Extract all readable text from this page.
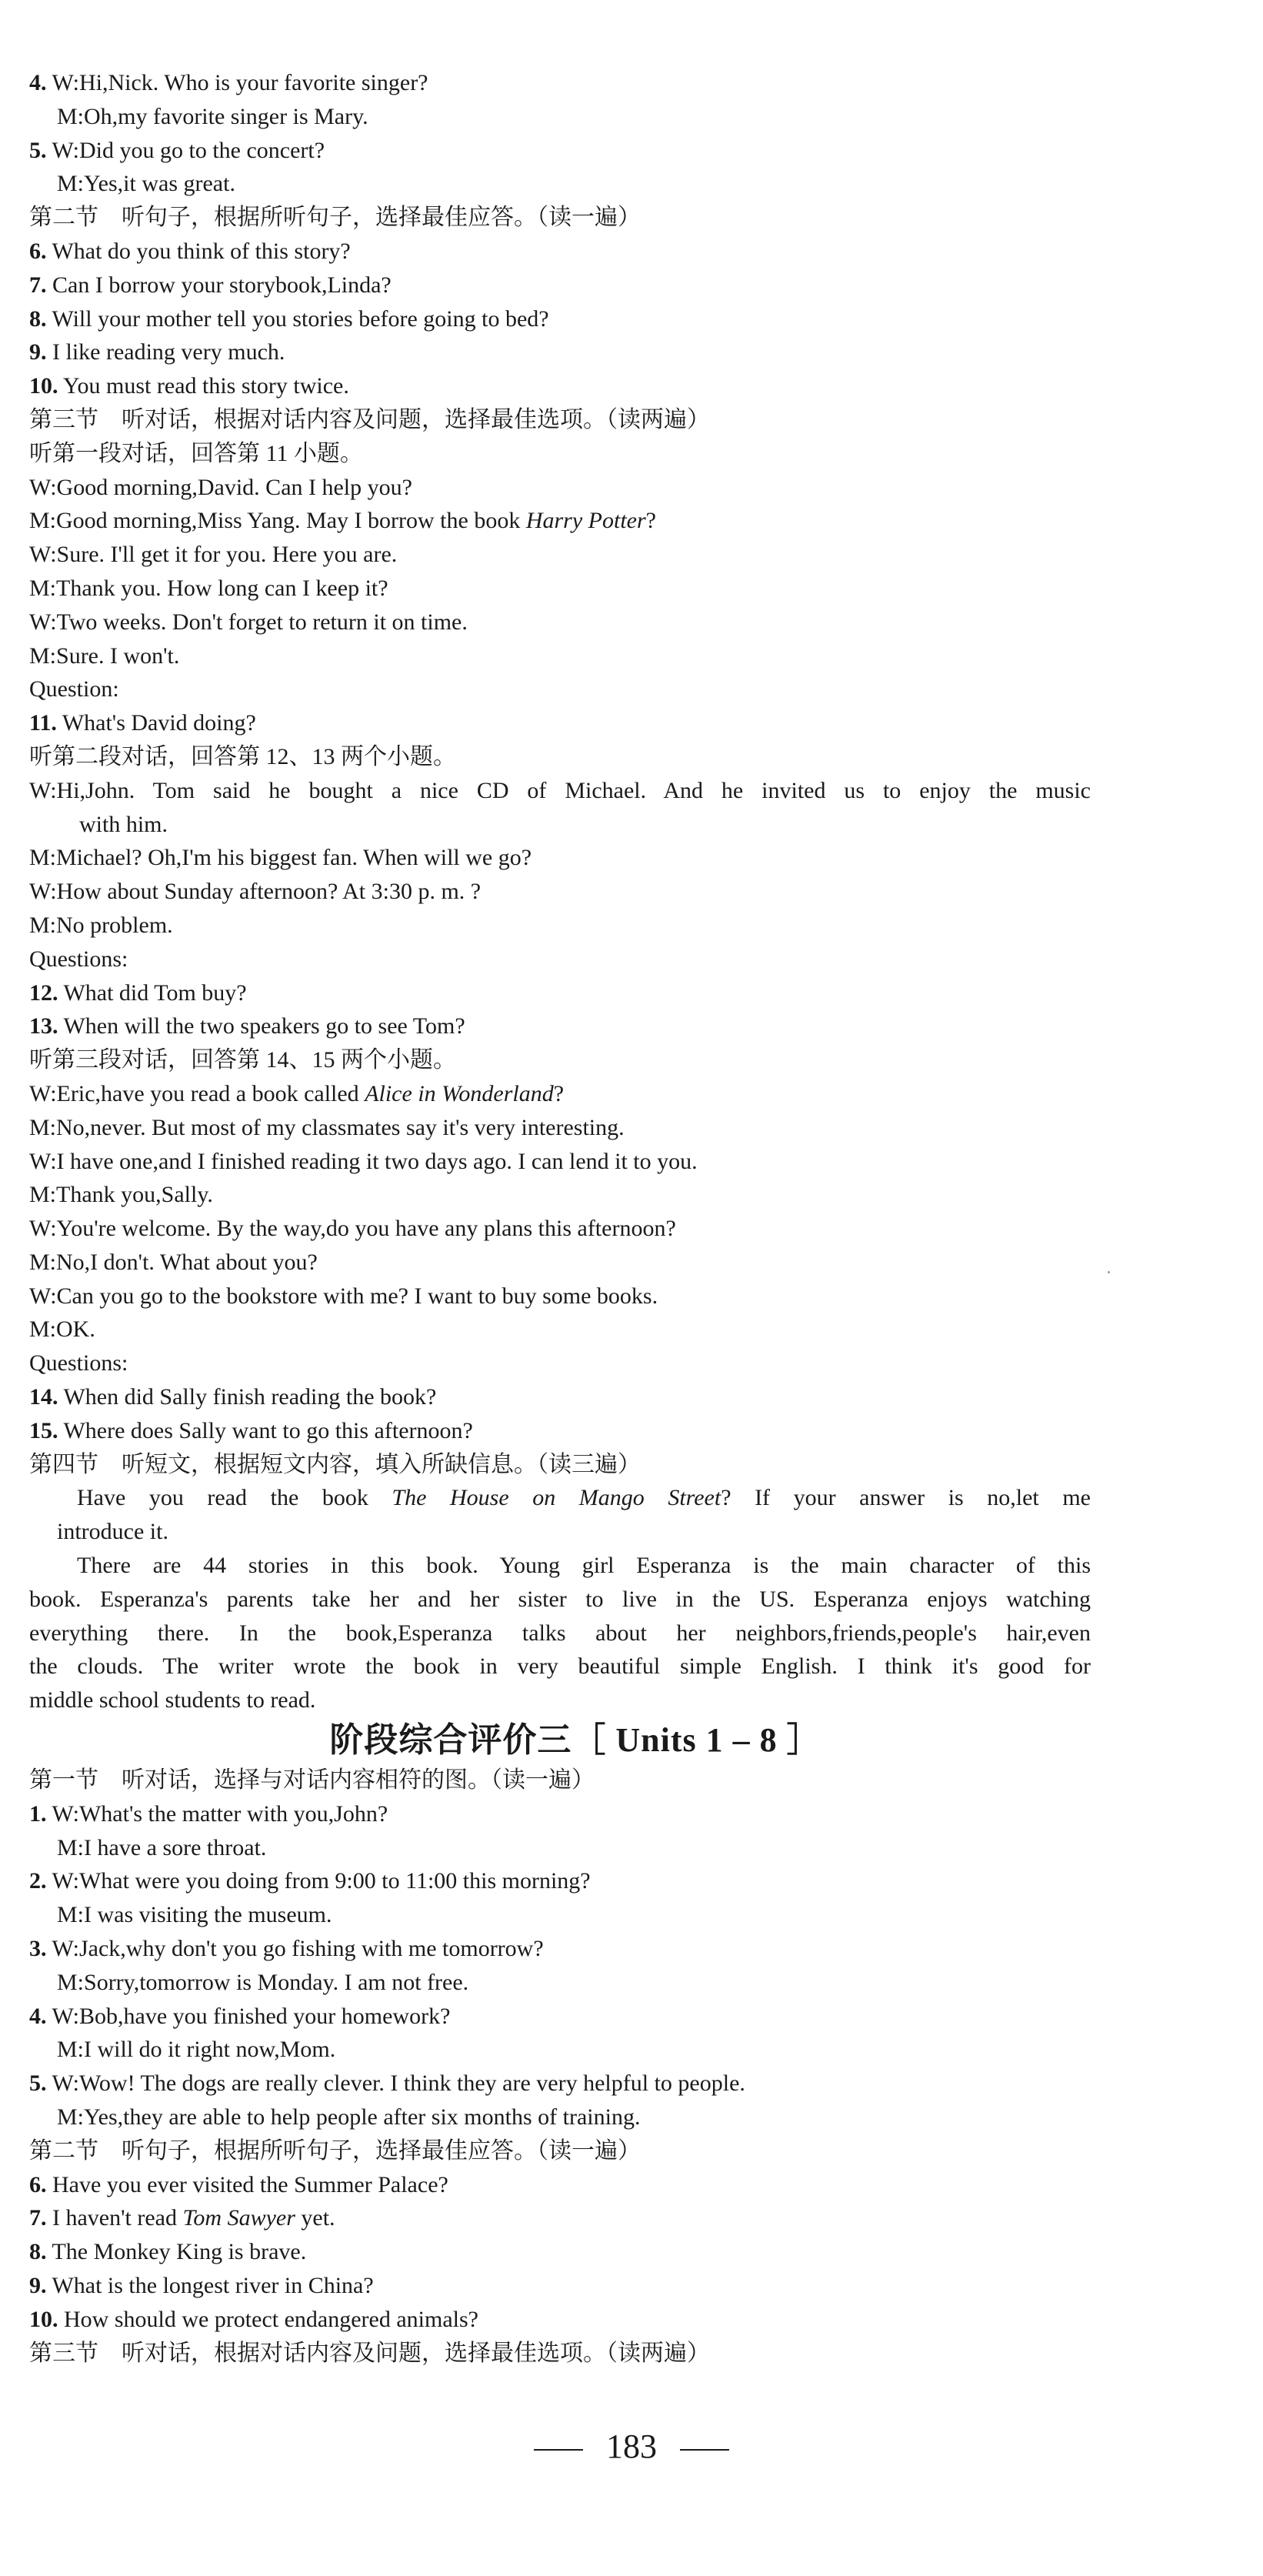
4. W:Hi,Nick. Who is your favorite singer?
M:Oh,my favorite singer is Mary.
5. W:Did you go to the concert?
M:Yes,it was great.
第二节　听句子，根据所听句子，选择最佳应答。（读一遍）
6. What do you think of this story?
7. Can I borrow your storybook,Linda?
8. Will your mother tell you stories before going to bed?
9. I like reading very much.
10. You must read this story twice.
第三节　听对话，根据对话内容及问题，选择最佳选项。（读两遍）
听第一段对话，回答第 11 小题。
W:Good morning,David. Can I help you?
M:Good morning,Miss Yang. May I borrow the book Harry Potter?
W:Sure. I'll get it for you. Here you are.
M:Thank you. How long can I keep it?
W:Two weeks. Don't forget to return it on time.
M:Sure. I won't.
Question:
11. What's David doing?
听第二段对话，回答第 12、13 两个小题。
W:Hi,John. Tom said he bought a nice CD of Michael. And he invited us to enjoy the music
with him.
M:Michael? Oh,I'm his biggest fan. When will we go?
W:How about Sunday afternoon? At 3:30 p. m. ?
M:No problem.
Questions:
12. What did Tom buy?
13. When will the two speakers go to see Tom?
听第三段对话，回答第 14、15 两个小题。
W:Eric,have you read a book called Alice in Wonderland?
M:No,never. But most of my classmates say it's very interesting.
W:I have one,and I finished reading it two days ago. I can lend it to you.
M:Thank you,Sally.
W:You're welcome. By the way,do you have any plans this afternoon?
M:No,I don't. What about you?
W:Can you go to the bookstore with me? I want to buy some books.
M:OK.
Questions:
14. When did Sally finish reading the book?
15. Where does Sally want to go this afternoon?
第四节　听短文，根据短文内容，填入所缺信息。（读三遍）
Have you read the book The House on Mango Street? If your answer is no,let me
introduce it.
There are 44 stories in this book. Young girl Esperanza is the main character of this
book. Esperanza's parents take her and her sister to live in the US. Esperanza enjoys watching
everything there. In the book,Esperanza talks about her neighbors,friends,people's hair,even
the clouds. The writer wrote the book in very beautiful simple English. I think it's good for
middle school students to read.
阶段综合评价三［ Units 1 – 8 ］
第一节　听对话，选择与对话内容相符的图。（读一遍）
1. W:What's the matter with you,John?
M:I have a sore throat.
2. W:What were you doing from 9:00 to 11:00 this morning?
M:I was visiting the museum.
3. W:Jack,why don't you go fishing with me tomorrow?
M:Sorry,tomorrow is Monday. I am not free.
4. W:Bob,have you finished your homework?
M:I will do it right now,Mom.
5. W:Wow! The dogs are really clever. I think they are very helpful to people.
M:Yes,they are able to help people after six months of training.
第二节　听句子，根据所听句子，选择最佳应答。（读一遍）
6. Have you ever visited the Summer Palace?
7. I haven't read Tom Sawyer yet.
8. The Monkey King is brave.
9. What is the longest river in China?
10. How should we protect endangered animals?
第三节　听对话，根据对话内容及问题，选择最佳选项。（读两遍）
183
